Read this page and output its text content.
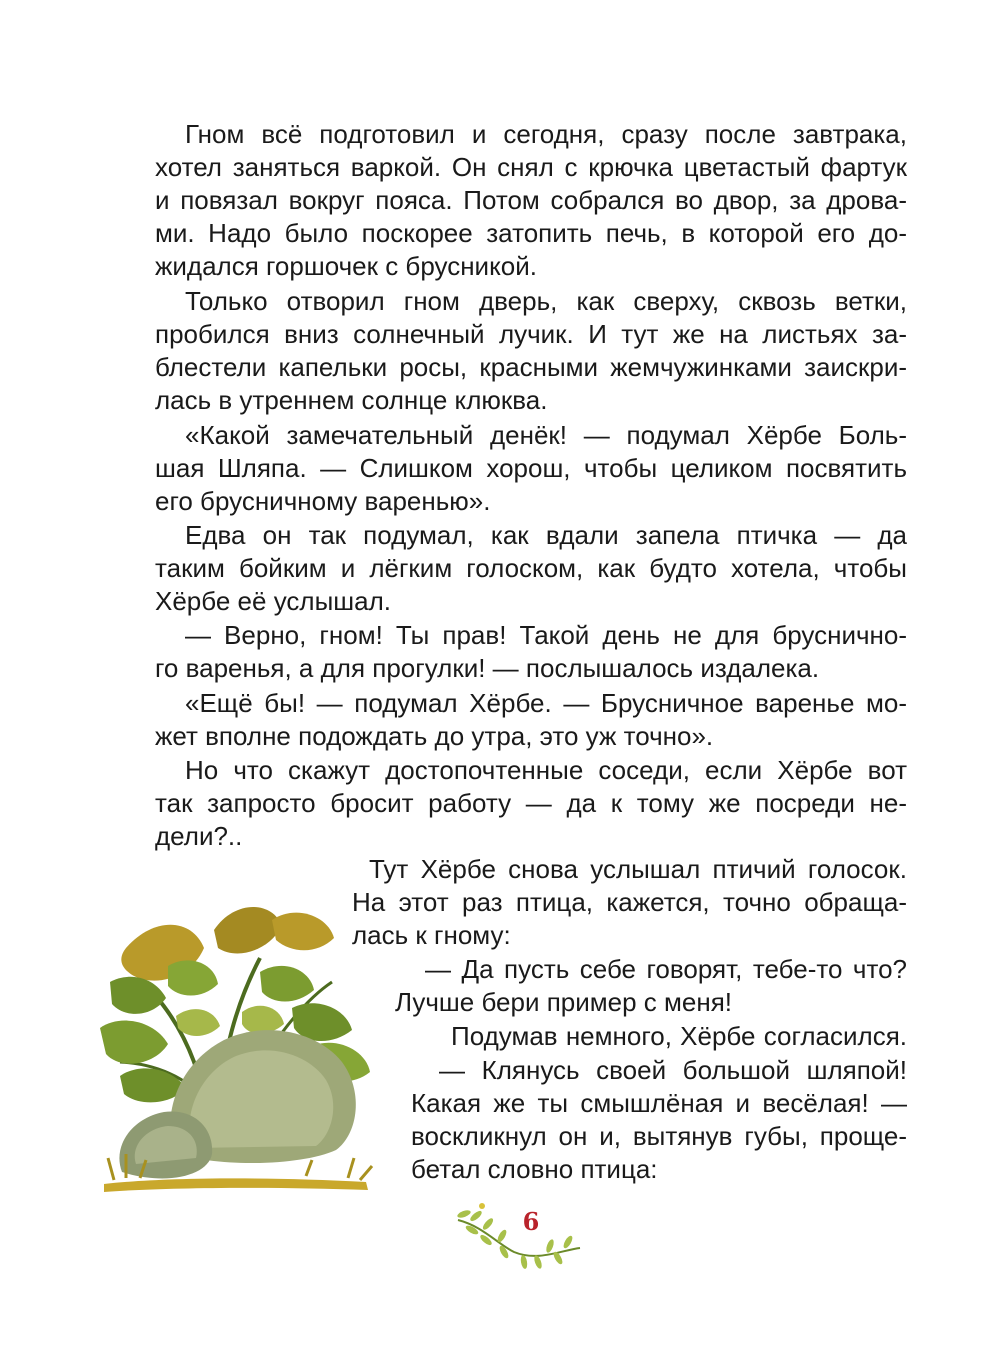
Гном всё подготовил и сегодня, сразу после завтрака,
хотел заняться варкой. Он снял с крючка цветастый фартук
и повязал вокруг пояса. Потом собрался во двор, за дрова-
ми. Надо было поскорее затопить печь, в которой его до-
жидался горшочек с брусникой.
Только отворил гном дверь, как сверху, сквозь ветки,
пробился вниз солнечный лучик. И тут же на листьях за-
блестели капельки росы, красными жемчужинками заискри-
лась в утреннем солнце клюква.
«Какой замечательный денёк! — подумал Хёрбе Боль-
шая Шляпа. — Слишком хорош, чтобы целиком посвятить
его брусничному варенью».
Едва он так подумал, как вдали запела птичка — да
таким бойким и лёгким голоском, как будто хотела, чтобы
Хёрбе её услышал.
— Верно, гном! Ты прав! Такой день не для бруснично-
го варенья, а для прогулки! — послышалось издалека.
«Ещё бы! — подумал Хёрбе. — Брусничное варенье мо-
жет вполне подождать до утра, это уж точно».
Но что скажут достопочтенные соседи, если Хёрбе вот
так запросто бросит работу — да к тому же посреди не-
дели?..
Тут Хёрбе снова услышал птичий голосок.
На этот раз птица, кажется, точно обраща-
лась к гному:
— Да пусть себе говорят, тебе-то что?
Лучше бери пример с меня!
Подумав немного, Хёрбе согласился.
— Клянусь своей большой шляпой!
Какая же ты смышлёная и весёлая! —
воскликнул он и, вытянув губы, проще-
бетал словно птица:
6
